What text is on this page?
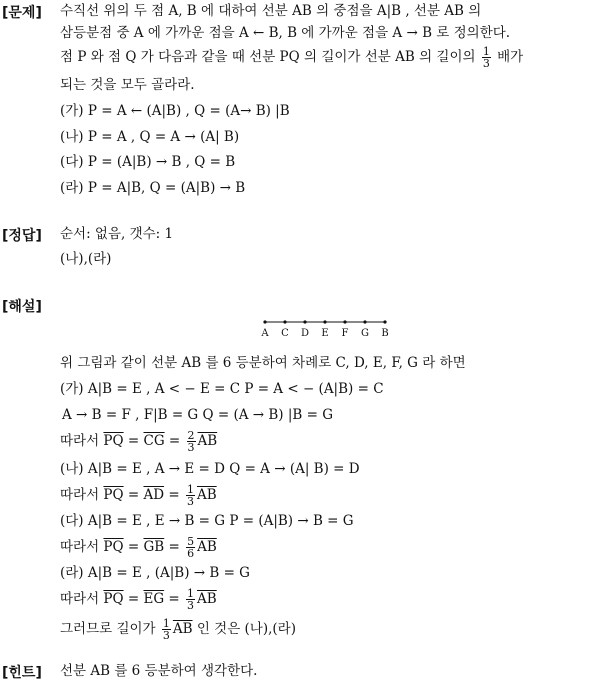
[문제] 수직선 위의 두 점 A, B 에 대하여 선분 AB 의 중점을 A|B , 선분 AB 의
삼등분점 중 A 에 가까운 점을 A ← B, B 에 가까운 점을 A → B 로 정의한다.
점 P 와 점 Q 가 다음과 같을 때 선분 PQ 의 길이가 선분 AB 의 길이의 $\frac{1}{3}$ 배가
되는 것을 모두 골라라.
(가) P = A ← (A|B) , Q = (A→ B) |B
(나) P = A , Q = A → (A| B)
(다) P = (A|B) → B , Q = B
(라) P = A|B, Q = (A|B) → B
[정답] 순서: 없음, 갯수: 1
(나),(라)
[해설]
A C D E F G B
위 그림과 같이 선분 AB 를 6 등분하여 차례로 C, D, E, F, G 라 하면
(가) A|B = E , A < − E = C P = A < − (A|B) = C
A → B = F , F|B = G Q = (A → B) |B = G
따라서 $\overline{PQ} = \overline{CG} = \frac{2}{3} \overline{AB}$
(나) A|B = E , A → E = D Q = A → (A| B) = D
따라서 $\overline{PQ} = \overline{AD} = \frac{1}{3} \overline{AB}$
(다) A|B = E , E → B = G P = (A|B) → B = G
따라서 $\overline{PQ} = \overline{GB} = \frac{5}{6} \overline{AB}$
(라) A|B = E , (A|B) → B = G
따라서 $\overline{PQ} = \overline{EG} = \frac{1}{3} \overline{AB}$
그러므로 길이가 $\frac{1}{3} \overline{AB}$ 인 것은 (나),(라)
[힌트] 선분 AB 를 6 등분하여 생각한다.
